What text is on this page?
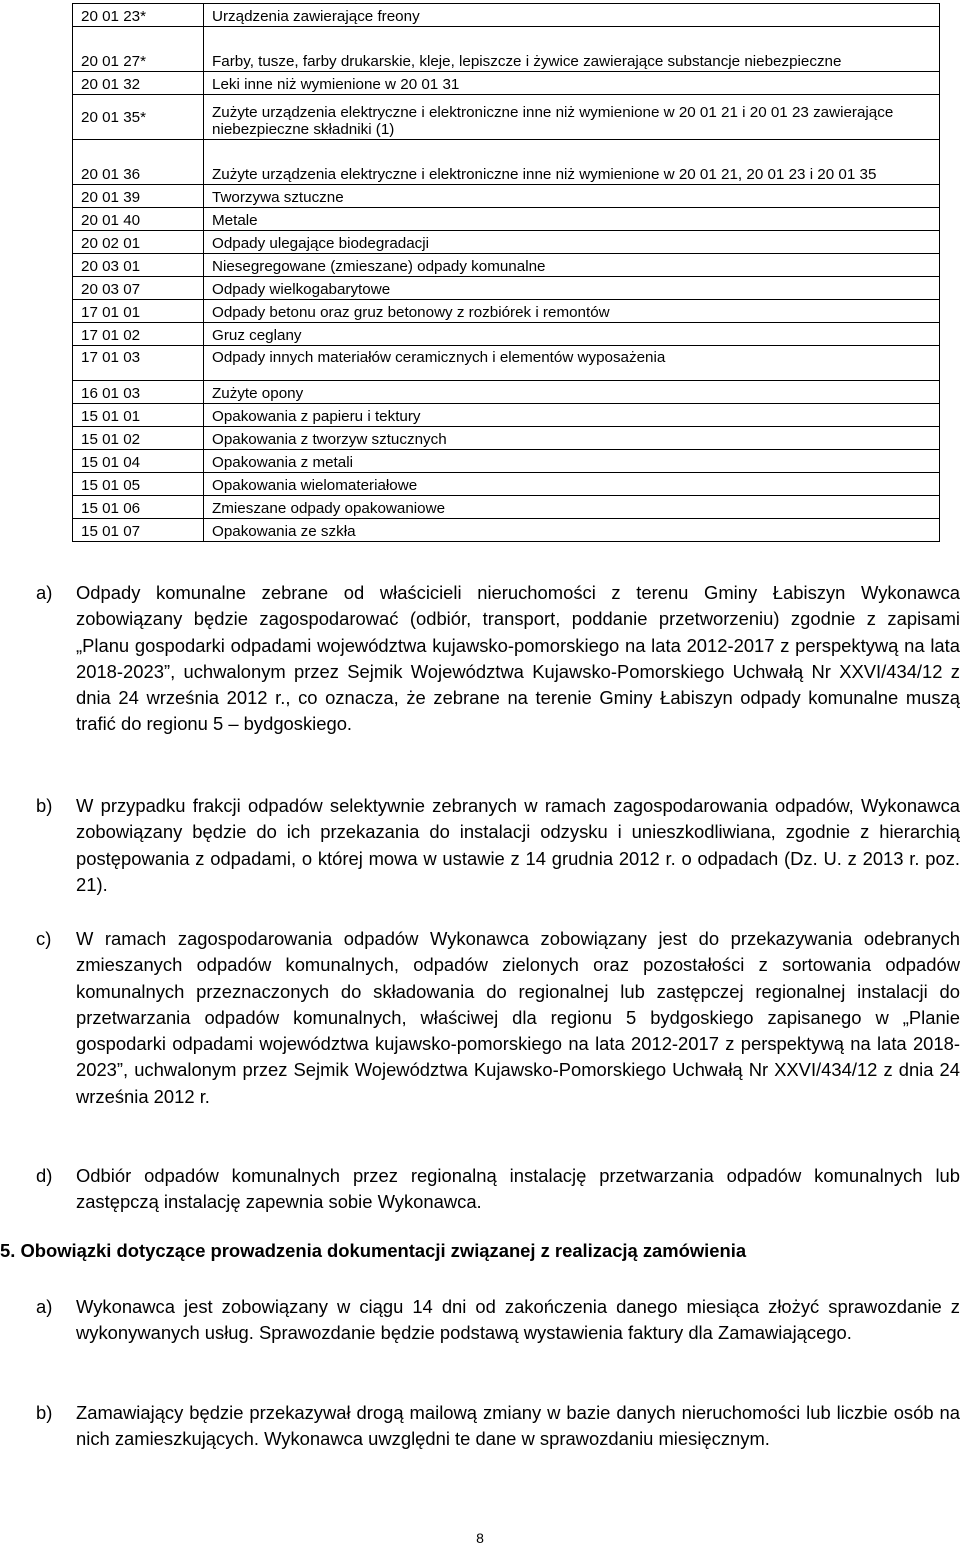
20 01 23*	Urządzenia zawierające freony
20 01 27*	Farby, tusze, farby drukarskie, kleje, lepiszcze i żywice zawierające substancje niebezpieczne
20 01 32	Leki inne niż wymienione w 20 01 31
20 01 35*	Zużyte urządzenia elektryczne i elektroniczne inne niż wymienione w 20 01 21 i 20 01 23 zawierające niebezpieczne składniki (1)
20 01 36	Zużyte urządzenia elektryczne i elektroniczne inne niż wymienione w 20 01 21, 20 01 23 i 20 01 35
20 01 39	Tworzywa sztuczne
20 01 40	Metale
20 02 01	Odpady ulegające biodegradacji
20 03 01	Niesegregowane (zmieszane) odpady komunalne
20 03 07	Odpady wielkogabarytowe
17 01 01	Odpady betonu oraz gruz betonowy z rozbiórek i remontów
17 01 02	Gruz ceglany
17 01 03	Odpady innych materiałów ceramicznych i elementów wyposażenia
16 01 03	Zużyte opony
15 01 01	Opakowania z papieru i tektury
15 01 02	Opakowania z tworzyw sztucznych
15 01 04	Opakowania z metali
15 01 05	Opakowania wielomateriałowe
15 01 06	Zmieszane odpady opakowaniowe
15 01 07	Opakowania ze szkła
a) Odpady komunalne zebrane od właścicieli nieruchomości z terenu Gminy Łabiszyn Wykonawca zobowiązany będzie zagospodarować (odbiór, transport, poddanie przetworzeniu) zgodnie z zapisami „Planu gospodarki odpadami województwa kujawsko-pomorskiego na lata 2012-2017 z perspektywą na lata 2018-2023”, uchwalonym przez Sejmik Województwa Kujawsko-Pomorskiego Uchwałą Nr XXVI/434/12 z dnia 24 września 2012 r., co oznacza, że zebrane na terenie Gminy Łabiszyn odpady komunalne muszą trafić do regionu 5 – bydgoskiego.
b) W przypadku frakcji odpadów selektywnie zebranych w ramach zagospodarowania odpadów, Wykonawca zobowiązany będzie do ich przekazania do instalacji odzysku i unieszkodliwiana, zgodnie z hierarchią postępowania z odpadami, o której mowa w ustawie z 14 grudnia 2012 r. o odpadach (Dz. U. z 2013 r. poz. 21).
c) W ramach zagospodarowania odpadów Wykonawca zobowiązany jest do przekazywania odebranych zmieszanych odpadów komunalnych, odpadów zielonych oraz pozostałości z sortowania odpadów komunalnych przeznaczonych do składowania do regionalnej lub zastępczej regionalnej instalacji do przetwarzania odpadów komunalnych, właściwej dla regionu 5 bydgoskiego zapisanego w „Planie gospodarki odpadami województwa kujawsko-pomorskiego na lata 2012-2017 z perspektywą na lata 2018-2023”, uchwalonym przez Sejmik Województwa Kujawsko-Pomorskiego Uchwałą Nr XXVI/434/12 z dnia 24 września 2012 r.
d) Odbiór odpadów komunalnych przez regionalną instalację przetwarzania odpadów komunalnych lub zastępczą instalację zapewnia sobie Wykonawca.
5. Obowiązki dotyczące prowadzenia dokumentacji związanej z realizacją zamówienia
a) Wykonawca jest zobowiązany w ciągu 14 dni od zakończenia danego miesiąca złożyć sprawozdanie z wykonywanych usług. Sprawozdanie będzie podstawą wystawienia faktury dla Zamawiającego.
b) Zamawiający będzie przekazywał drogą mailową zmiany w bazie danych nieruchomości lub liczbie osób na nich zamieszkujących. Wykonawca uwzględni te dane w sprawozdaniu miesięcznym.
8
